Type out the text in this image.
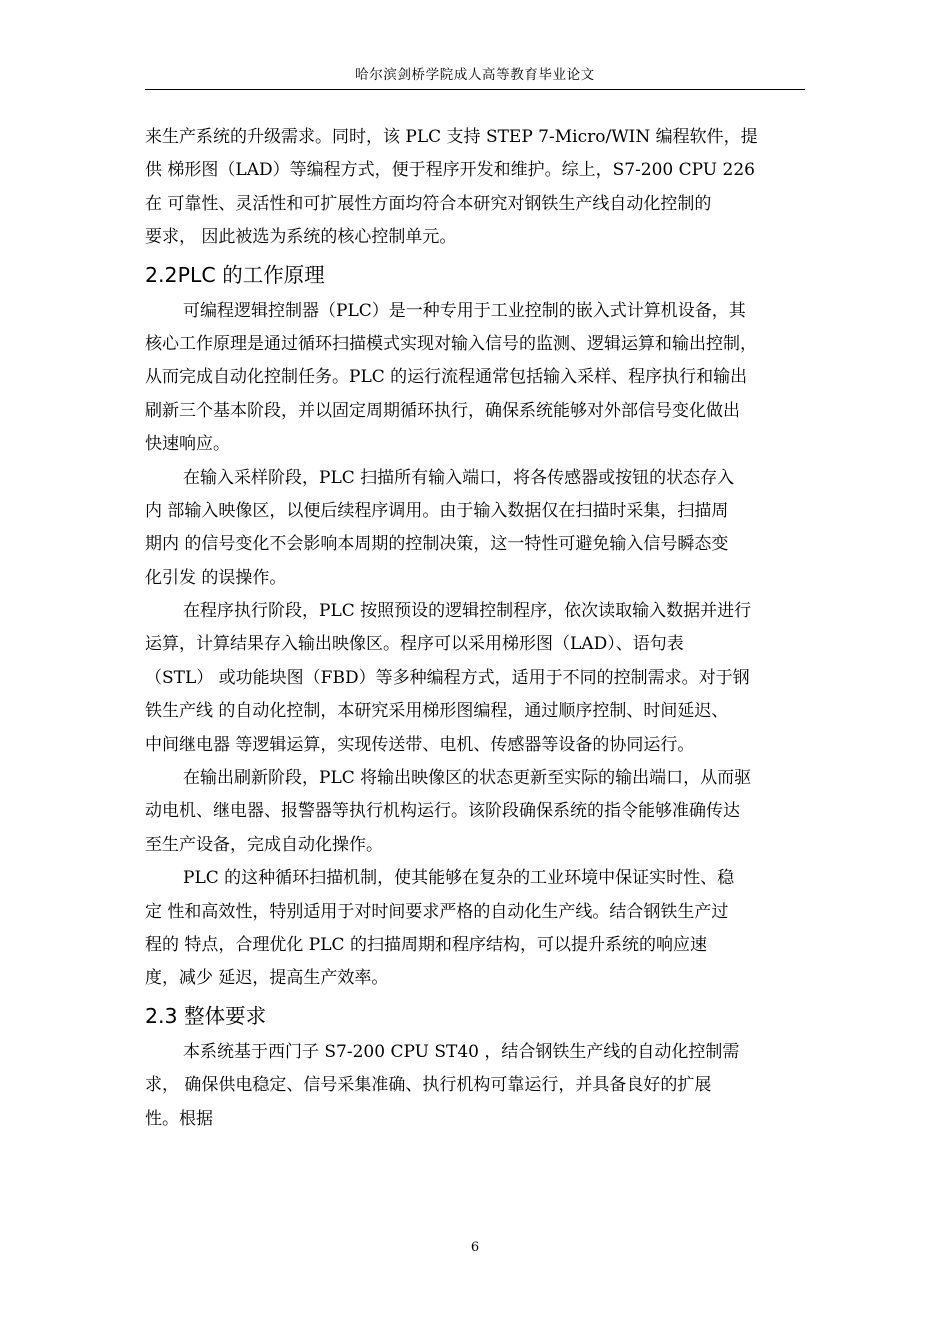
哈尔滨剑桥学院成人高等教育毕业论文
来生产系统的升级需求。同时，该 PLC 支持 STEP 7-Micro/WIN 编程软件，提
供 梯形图（LAD）等编程方式，便于程序开发和维护。综上，S7-200 CPU 226
在 可靠性、灵活性和可扩展性方面均符合本研究对钢铁生产线自动化控制的
要求， 因此被选为系统的核心控制单元。
2.2PLC 的工作原理
可编程逻辑控制器（PLC）是一种专用于工业控制的嵌入式计算机设备，其
核心工作原理是通过循环扫描模式实现对输入信号的监测、逻辑运算和输出控制，
从而完成自动化控制任务。PLC 的运行流程通常包括输入采样、程序执行和输出
刷新三个基本阶段，并以固定周期循环执行，确保系统能够对外部信号变化做出
快速响应。
在输入采样阶段，PLC 扫描所有输入端口，将各传感器或按钮的状态存入
内 部输入映像区，以便后续程序调用。由于输入数据仅在扫描时采集，扫描周
期内 的信号变化不会影响本周期的控制决策，这一特性可避免输入信号瞬态变
化引发 的误操作。
在程序执行阶段，PLC 按照预设的逻辑控制程序，依次读取输入数据并进行
运算，计算结果存入输出映像区。程序可以采用梯形图（LAD）、语句表
（STL） 或功能块图（FBD）等多种编程方式，适用于不同的控制需求。对于钢
铁生产线 的自动化控制，本研究采用梯形图编程，通过顺序控制、时间延迟、
中间继电器 等逻辑运算，实现传送带、电机、传感器等设备的协同运行。
在输出刷新阶段，PLC 将输出映像区的状态更新至实际的输出端口，从而驱
动电机、继电器、报警器等执行机构运行。该阶段确保系统的指令能够准确传达
至生产设备，完成自动化操作。
PLC 的这种循环扫描机制，使其能够在复杂的工业环境中保证实时性、稳
定 性和高效性，特别适用于对时间要求严格的自动化生产线。结合钢铁生产过
程的 特点，合理优化 PLC 的扫描周期和程序结构，可以提升系统的响应速
度，减少 延迟，提高生产效率。
2.3 整体要求
本系统基于西门子 S7-200 CPU ST40 ，结合钢铁生产线的自动化控制需
求， 确保供电稳定、信号采集准确、执行机构可靠运行，并具备良好的扩展
性。根据
6
